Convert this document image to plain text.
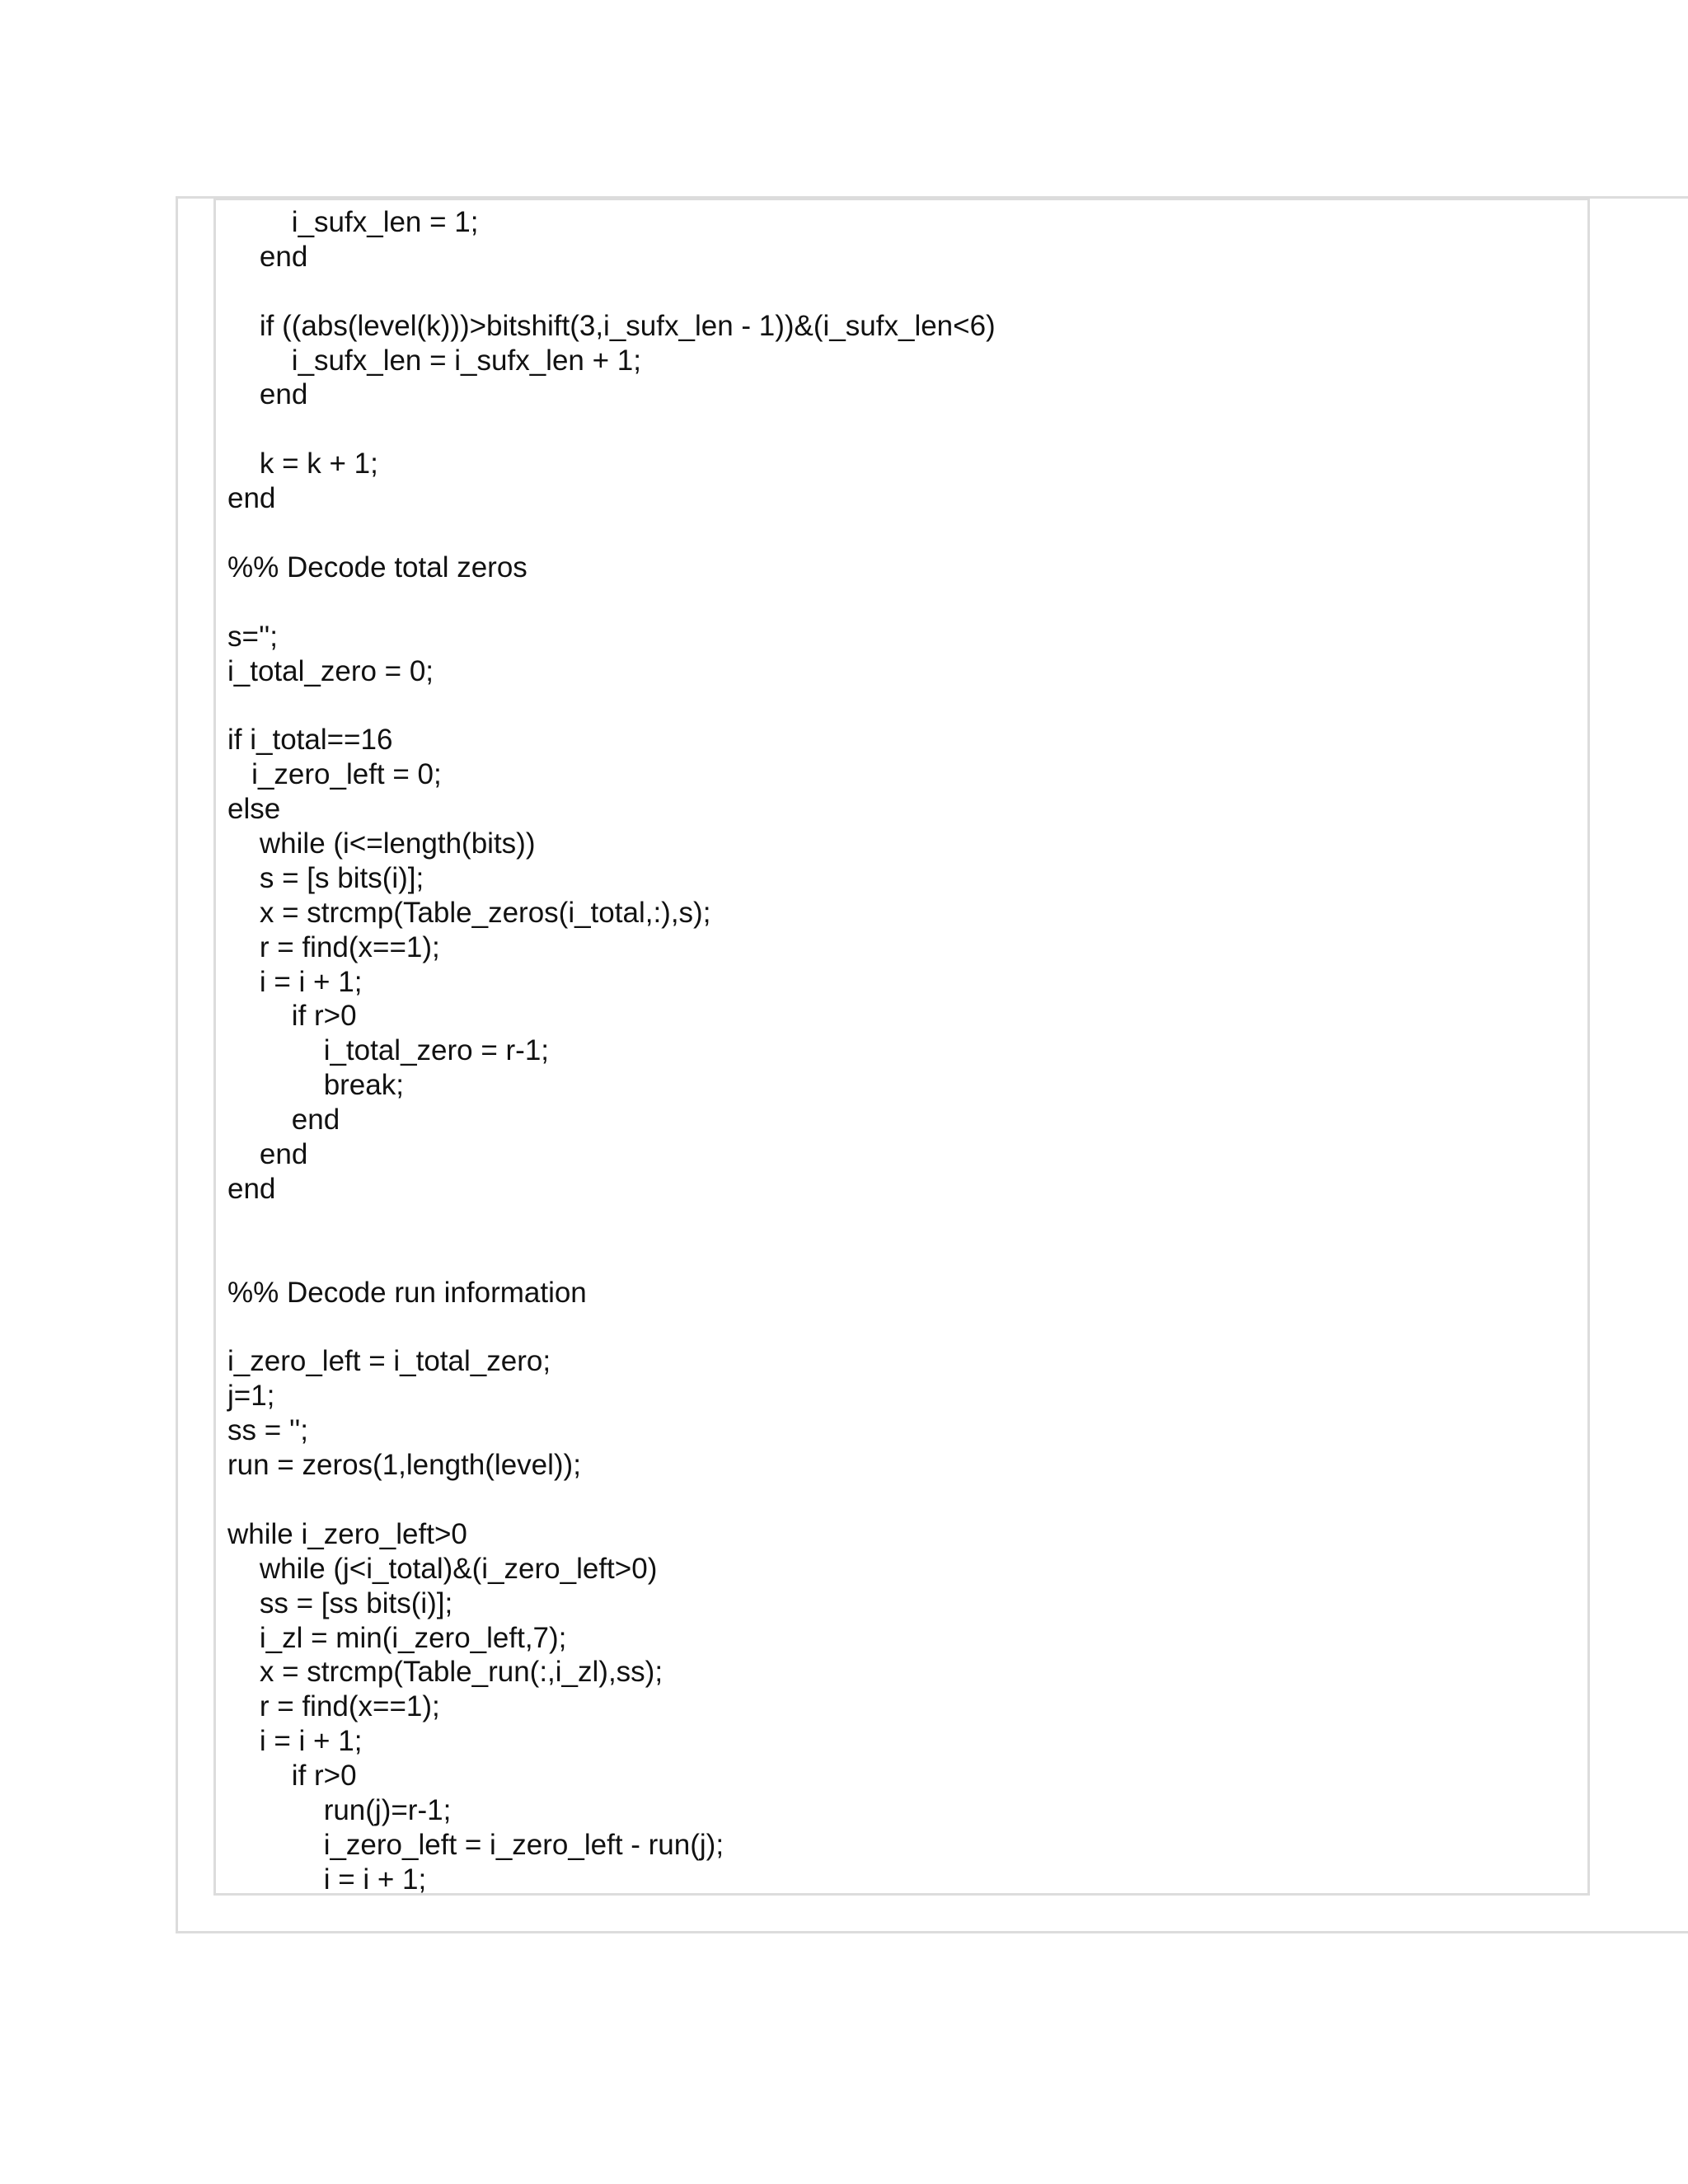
i_sufx_len = 1;
end
if ((abs(level(k)))>bitshift(3,i_sufx_len - 1))&(i_sufx_len<6)
i_sufx_len = i_sufx_len + 1;
end
k = k + 1;
end
%% Decode total zeros
s='';
i_total_zero = 0;
if i_total==16
i_zero_left = 0;
else
while (i<=length(bits))
s = [s bits(i)];
x = strcmp(Table_zeros(i_total,:),s);
r = find(x==1);
i = i + 1;
if r>0
i_total_zero = r-1;
break;
end
end
end
%% Decode run information
i_zero_left = i_total_zero;
j=1;
ss = '';
run = zeros(1,length(level));
while i_zero_left>0
while (j<i_total)&(i_zero_left>0)
ss = [ss bits(i)];
i_zl = min(i_zero_left,7);
x = strcmp(Table_run(:,i_zl),ss);
r = find(x==1);
i = i + 1;
if r>0
run(j)=r-1;
i_zero_left = i_zero_left - run(j);
i = i + 1;
